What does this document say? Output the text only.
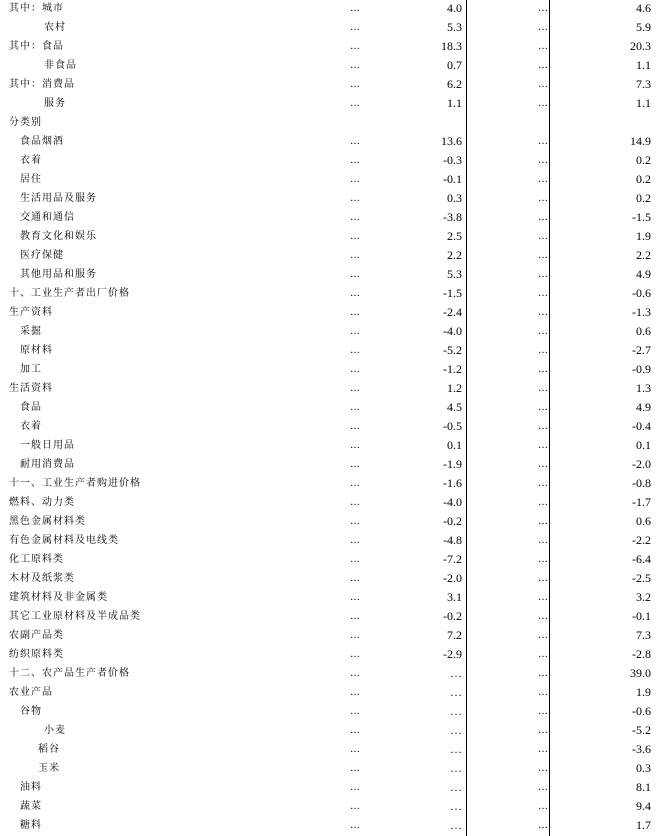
其中：城市	…	4.0	…	4.6
农村	…	5.3	…	5.9
其中：食品	…	18.3	…	20.3
非食品	…	0.7	…	1.1
其中：消费品	…	6.2	…	7.3
服务	…	1.1	…	1.1
分类别
食品烟酒	…	13.6	…	14.9
衣着	…	-0.3	…	0.2
居住	…	-0.1	…	0.2
生活用品及服务	…	0.3	…	0.2
交通和通信	…	-3.8	…	-1.5
教育文化和娱乐	…	2.5	…	1.9
医疗保健	…	2.2	…	2.2
其他用品和服务	…	5.3	…	4.9
十、工业生产者出厂价格	…	-1.5	…	-0.6
生产资料	…	-2.4	…	-1.3
采掘	…	-4.0	…	0.6
原材料	…	-5.2	…	-2.7
加工	…	-1.2	…	-0.9
生活资料	…	1.2	…	1.3
食品	…	4.5	…	4.9
衣着	…	-0.5	…	-0.4
一般日用品	…	0.1	…	0.1
耐用消费品	…	-1.9	…	-2.0
十一、工业生产者购进价格	…	-1.6	…	-0.8
燃料、动力类	…	-4.0	…	-1.7
黑色金属材料类	…	-0.2	…	0.6
有色金属材料及电线类	…	-4.8	…	-2.2
化工原料类	…	-7.2	…	-6.4
木材及纸浆类	…	-2.0	…	-2.5
建筑材料及非金属类	…	3.1	…	3.2
其它工业原材料及半成品类	…	-0.2	…	-0.1
农副产品类	…	7.2	…	7.3
纺织原料类	…	-2.9	…	-2.8
十二、农产品生产者价格	…	…	…	39.0
农业产品	…	…	…	1.9
谷物	…	…	…	-0.6
小麦	…	…	…	-5.2
稻谷	…	…	…	-3.6
玉米	…	…	…	0.3
油料	…	…	…	8.1
蔬菜	…	…	…	9.4
糖料	…	…	…	1.7
